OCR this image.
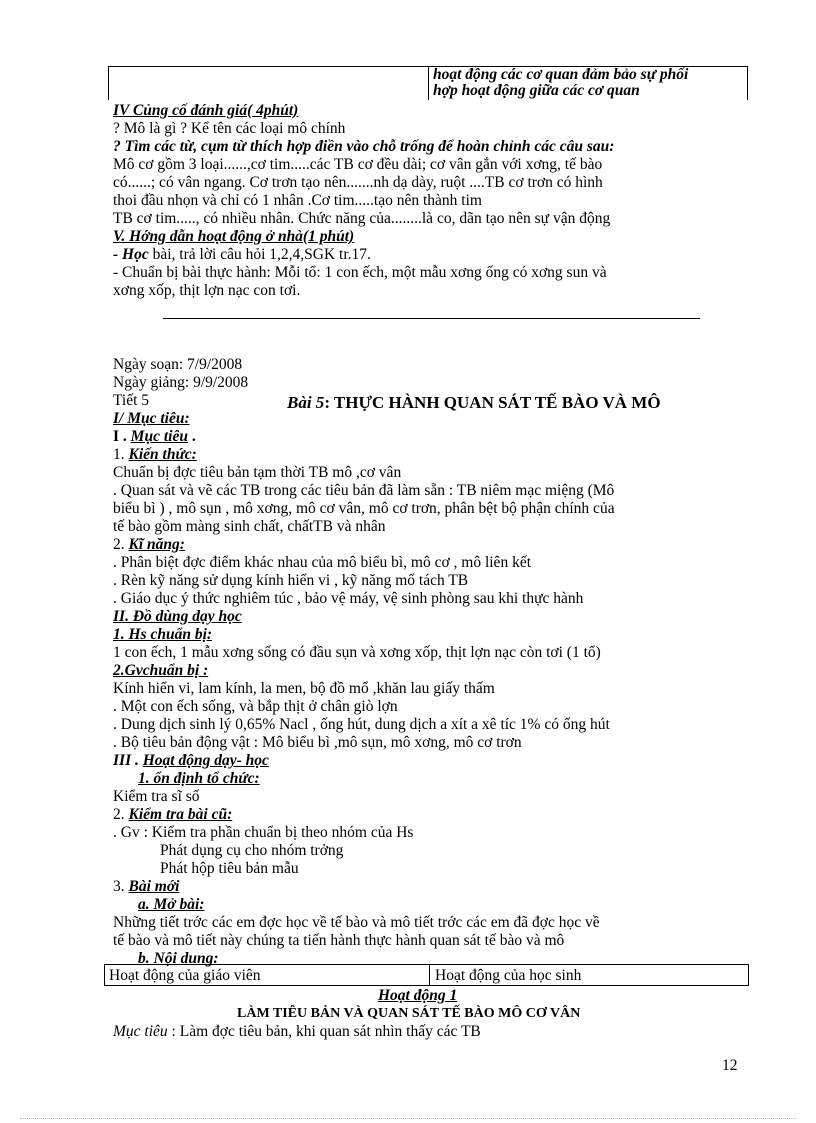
hoạt động các cơ quan đảm bảo sự phối
hợp hoạt động giữa các cơ quan
IV Củng cố đánh giá( 4phút)
? Mô là gì ? Kể tên các loại mô chính
? Tìm các từ, cụm từ thích hợp điền vào chỗ trống để hoàn chỉnh các câu sau:
Mô cơ gồm 3 loại......,cơ tim.....các TB cơ đều dài; cơ vân gắn với xơng, tế bào
có......; có vân ngang. Cơ trơn tạo nên.......nh dạ dày, ruột ....TB cơ trơn có hình
thoi đầu nhọn và chỉ có 1 nhân .Cơ tim.....tạo nên thành tim
TB cơ tim....., có nhiều nhân. Chức năng của........là co, dãn tạo nên sự vận động
V. Hớng dẫn hoạt động ở nhà(1 phút)
- Học bài, trả lời câu hỏi 1,2,4,SGK tr.17.
- Chuẩn bị bài thực hành: Mỗi tổ: 1 con ếch, một mẫu xơng ống có xơng sun và
xơng xốp, thịt lợn nạc con tơi.
Ngày soạn: 7/9/2008
Ngày giảng: 9/9/2008
Tiết 5	Bài 5: THỰC HÀNH QUAN SÁT TẾ BÀO VÀ MÔ
I/ Mục tiêu:
I . Mục tiêu .
1. Kiến thức:
Chuẩn bị đợc tiêu bản tạm thời TB mô ,cơ vân
. Quan sát và vẽ các TB trong các tiêu bản đã làm sẵn : TB niêm mạc miệng (Mô
biểu bì ) , mô sụn , mô xơng, mô cơ vân, mô cơ trơn, phân bệt bộ phận chính của
tế bào gồm màng sinh chất, chấtTB và nhân
2. Kĩ năng:
. Phân biệt đợc điểm khác nhau của mô biểu bì, mô cơ , mô liên kết
. Rèn kỹ năng sử dụng kính hiển vi , kỹ năng mổ tách TB
. Giáo dục ý thức nghiêm túc , bảo vệ máy, vệ sinh phòng sau khi thực hành
II. Đồ dùng dạy học
1. Hs chuẩn bị:
1 con ếch, 1 mẫu xơng sống có đầu sụn và xơng xốp, thịt lợn nạc còn tơi (1 tổ)
2.Gvchuẩn bị :
Kính hiển vi, lam kính, la men, bộ đồ mổ ,khăn lau giấy thấm
. Một con ếch sống, và bắp thịt ở chân giò lợn
. Dung dịch sinh lý 0,65% Nacl , ống hút, dung dịch a xít a xê tíc 1% có ống hút
. Bộ tiêu bản động vật : Mô biểu bì ,mô sụn, mô xơng, mô cơ trơn
III . Hoạt động dạy- học
1. ổn định tổ chức:
Kiểm tra sĩ số
2. Kiểm tra bài cũ:
. Gv : Kiểm tra phần chuẩn bị theo nhóm của Hs
Phát dụng cụ cho nhóm trởng
Phát hộp tiêu bản mẫu
3. Bài mới
a. Mở bài:
Những tiết trớc các em đợc học về tế bào và mô tiết trớc các em đã đợc học về
tế bào và mô tiết này chúng ta tiến hành thực hành quan sát tế bào và mô
b. Nội dung:
Hoạt động của giáo viên	Hoạt động của học sinh
Hoạt động 1
LÀM TIÊU BẢN VÀ QUAN SÁT TẾ BÀO MÔ CƠ VÂN
Mục tiêu : Làm đợc tiêu bản, khi quan sát nhìn thấy các TB
12
